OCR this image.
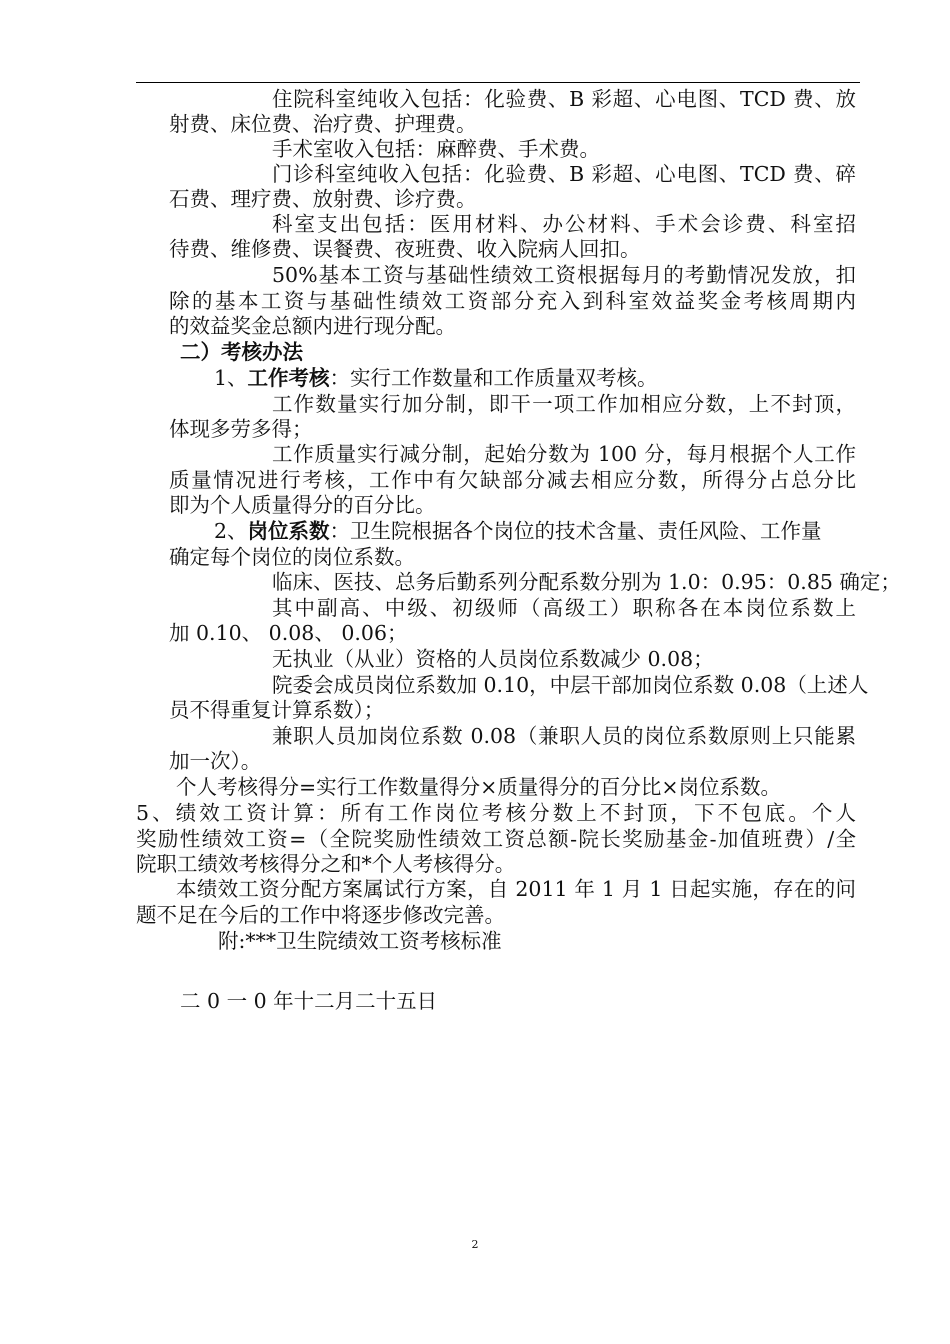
住院科室纯收入包括：化验费、B 彩超、心电图、TCD 费、放
射费、床位费、治疗费、护理费。
手术室收入包括：麻醉费、手术费。
门诊科室纯收入包括：化验费、B 彩超、心电图、TCD 费、碎
石费、理疗费、放射费、诊疗费。
科室支出包括：医用材料、办公材料、手术会诊费、科室招
待费、维修费、误餐费、夜班费、收入院病人回扣。
50%基本工资与基础性绩效工资根据每月的考勤情况发放，扣
除的基本工资与基础性绩效工资部分充入到科室效益奖金考核周期内
的效益奖金总额内进行现分配。
二）考核办法
1、工作考核：实行工作数量和工作质量双考核。
工作数量实行加分制，即干一项工作加相应分数，上不封顶，
体现多劳多得；
工作质量实行减分制，起始分数为 100 分，每月根据个人工作
质量情况进行考核，工作中有欠缺部分减去相应分数，所得分占总分比
即为个人质量得分的百分比。
2、岗位系数：卫生院根据各个岗位的技术含量、责任风险、工作量
确定每个岗位的岗位系数。
临床、医技、总务后勤系列分配系数分别为 1.0：0.95：0.85 确定；
其中副高、中级、初级师（高级工）职称各在本岗位系数上
加 0.10、 0.08、 0.06；
无执业（从业）资格的人员岗位系数减少 0.08；
院委会成员岗位系数加 0.10，中层干部加岗位系数 0.08（上述人
员不得重复计算系数）；
兼职人员加岗位系数 0.08（兼职人员的岗位系数原则上只能累
加一次）。
个人考核得分=实行工作数量得分×质量得分的百分比×岗位系数。
5、绩效工资计算：所有工作岗位考核分数上不封顶，下不包底。个人
奖励性绩效工资=（全院奖励性绩效工资总额-院长奖励基金-加值班费）/全
院职工绩效考核得分之和*个人考核得分。
本绩效工资分配方案属试行方案，自 2011 年 1 月 1 日起实施，存在的问
题不足在今后的工作中将逐步修改完善。
附:***卫生院绩效工资考核标准
二 0 一 0 年十二月二十五日
2
